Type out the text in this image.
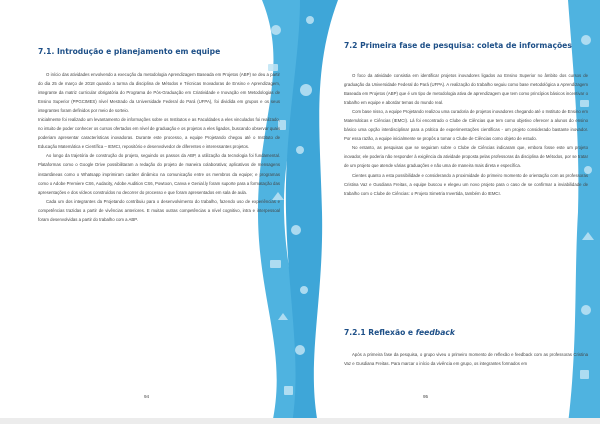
7.1. Introdução e planejamento em equipe

O início das atividades envolvendo a execução da metodologia Aprendizagem Baseada em Projetos (ABP) se deu a partir do dia 25 de março de 2018 quando a turma da disciplina de Métodos e Técnicas Inovadoras de Ensino e Aprendizagem, integrante da matriz curricular obrigatória do Programa de Pós-Graduação em Criatividade e Inovação em Metodologias de Ensino Superior (PPGCIMES) nível Mestrado da Universidade Federal do Pará (UFPA), foi dividida em grupos e os seus integrantes foram definidos por meio de sorteio.

Inicialmente foi realizado um levantamento de informações sobre os Institutos e as Faculdades a eles vinculados foi realizado, no intuito de poder conhecer os cursos ofertados em nível de graduação e os projetos a eles ligados, buscando observar quais poderiam apresentar características inovadoras. Durante este processo, a equipe Projetando chegou até o Instituto de Educação Matemática e Científica – IEMCI, repositório e desenvolvedor de diferentes e interessantes projetos.

Ao longo da trajetória de construção do projeto, seguindo os passos da ABP, a utilização da tecnologia foi fundamental. Plataformas como o Google Drive possibilitaram a redação do projeto de maneira colaborativa; aplicativos de mensagens instantâneas como o Whatsapp imprimiram caráter dinâmico na comunicação entre os membros da equipe; e programas como o Adobe Premiere CS6, Audacity, Adobe Audition CS6, Powtoon, Canva e Genial.ly foram suporte para a formatação das apresentações e dos vídeos construídos no decorrer do processo e que foram apresentados em sala de aula.

Cada um dos integrantes da Projetando contribuiu para o desenvolvimento do trabalho, fazendo uso de experiências e competências trazidas a partir de vivências anteriores. E muitas outras competências a nível cognitivo, intra e interpessoal foram desenvolvidas a partir do trabalho com a ABP.

94
7.2 Primeira fase de pesquisa: coleta de informações

O foco da atividade consistia em identificar projetos inovadores ligados ao Ensino Superior no âmbito dos cursos de graduação da Universidade Federal do Pará (UFPA). A realização do trabalho seguiu como base metodológica a Aprendizagem Baseada em Projetos (ABP) que é um tipo de metodologia ativa de aprendizagem que tem como princípios básicos incentivar o trabalho em equipe e abordar temas do mundo real.

Com base nisso, a equipe Projetando realizou uma curadoria de projetos inovadores chegando até o Instituto de Ensino em Matemáticas e Ciências (IEMCI). Lá foi encontrado o Clube de Ciências que tem como objetivo oferecer a alunos do ensino básico uma opção interdisciplinar para a prática de experimentações científicas - um projeto considerado bastante inovador. Por essa razão, a equipe inicialmente se propôs a tomar o Clube de Ciências como objeto de estudo.

No entanto, as pesquisas que se seguiram sobre o Clube de Ciências indicaram que, embora fosse este um projeto inovador, ele poderia não responder à exigência da atividade proposta pelas professoras da disciplina de Métodos, por se tratar de um projeto que atende várias graduações e não uma de maneira mais direta e específica.

Cientes quanto a esta possibilidade e considerando a proximidade do primeiro momento de orientação com as professoras Cristina Vaz e Gusdiana Freitas, a equipe buscou e elegeu um novo projeto para o caso de se confirmar a inviabilidade de trabalho com o Clube de Ciências: o Projeto Simetria Invertida, também do IEMCI.

7.2.1 Reflexão e feedback

Após a primeira fase da pesquisa, o grupo viveu o primeiro momento de reflexão e feedback com as professoras Cristina Vaz e Gusdiana Freitas. Para marcar o início da vivência em grupo, os integrantes formados em

95
